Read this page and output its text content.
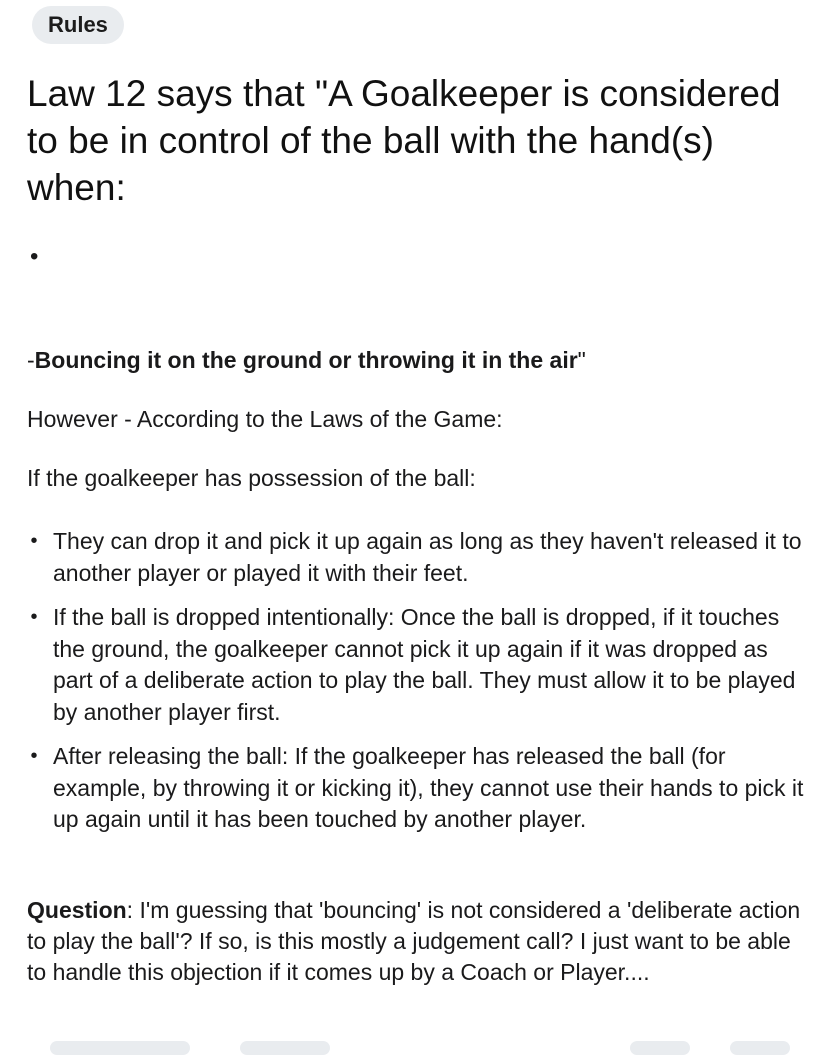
Rules
Law 12 says that "A Goalkeeper is considered to be in control of the ball with the hand(s) when:
•

-Bouncing it on the ground or throwing it in the air"

However - According to the Laws of the Game:

If the goalkeeper has possession of the ball:

• They can drop it and pick it up again as long as they haven't released it to another player or played it with their feet.
• If the ball is dropped intentionally: Once the ball is dropped, if it touches the ground, the goalkeeper cannot pick it up again if it was dropped as part of a deliberate action to play the ball. They must allow it to be played by another player first.
• After releasing the ball: If the goalkeeper has released the ball (for example, by throwing it or kicking it), they cannot use their hands to pick it up again until it has been touched by another player.

Question: I'm guessing that 'bouncing' is not considered a 'deliberate action to play the ball'? If so, is this mostly a judgement call? I just want to be able to handle this objection if it comes up by a Coach or Player....
